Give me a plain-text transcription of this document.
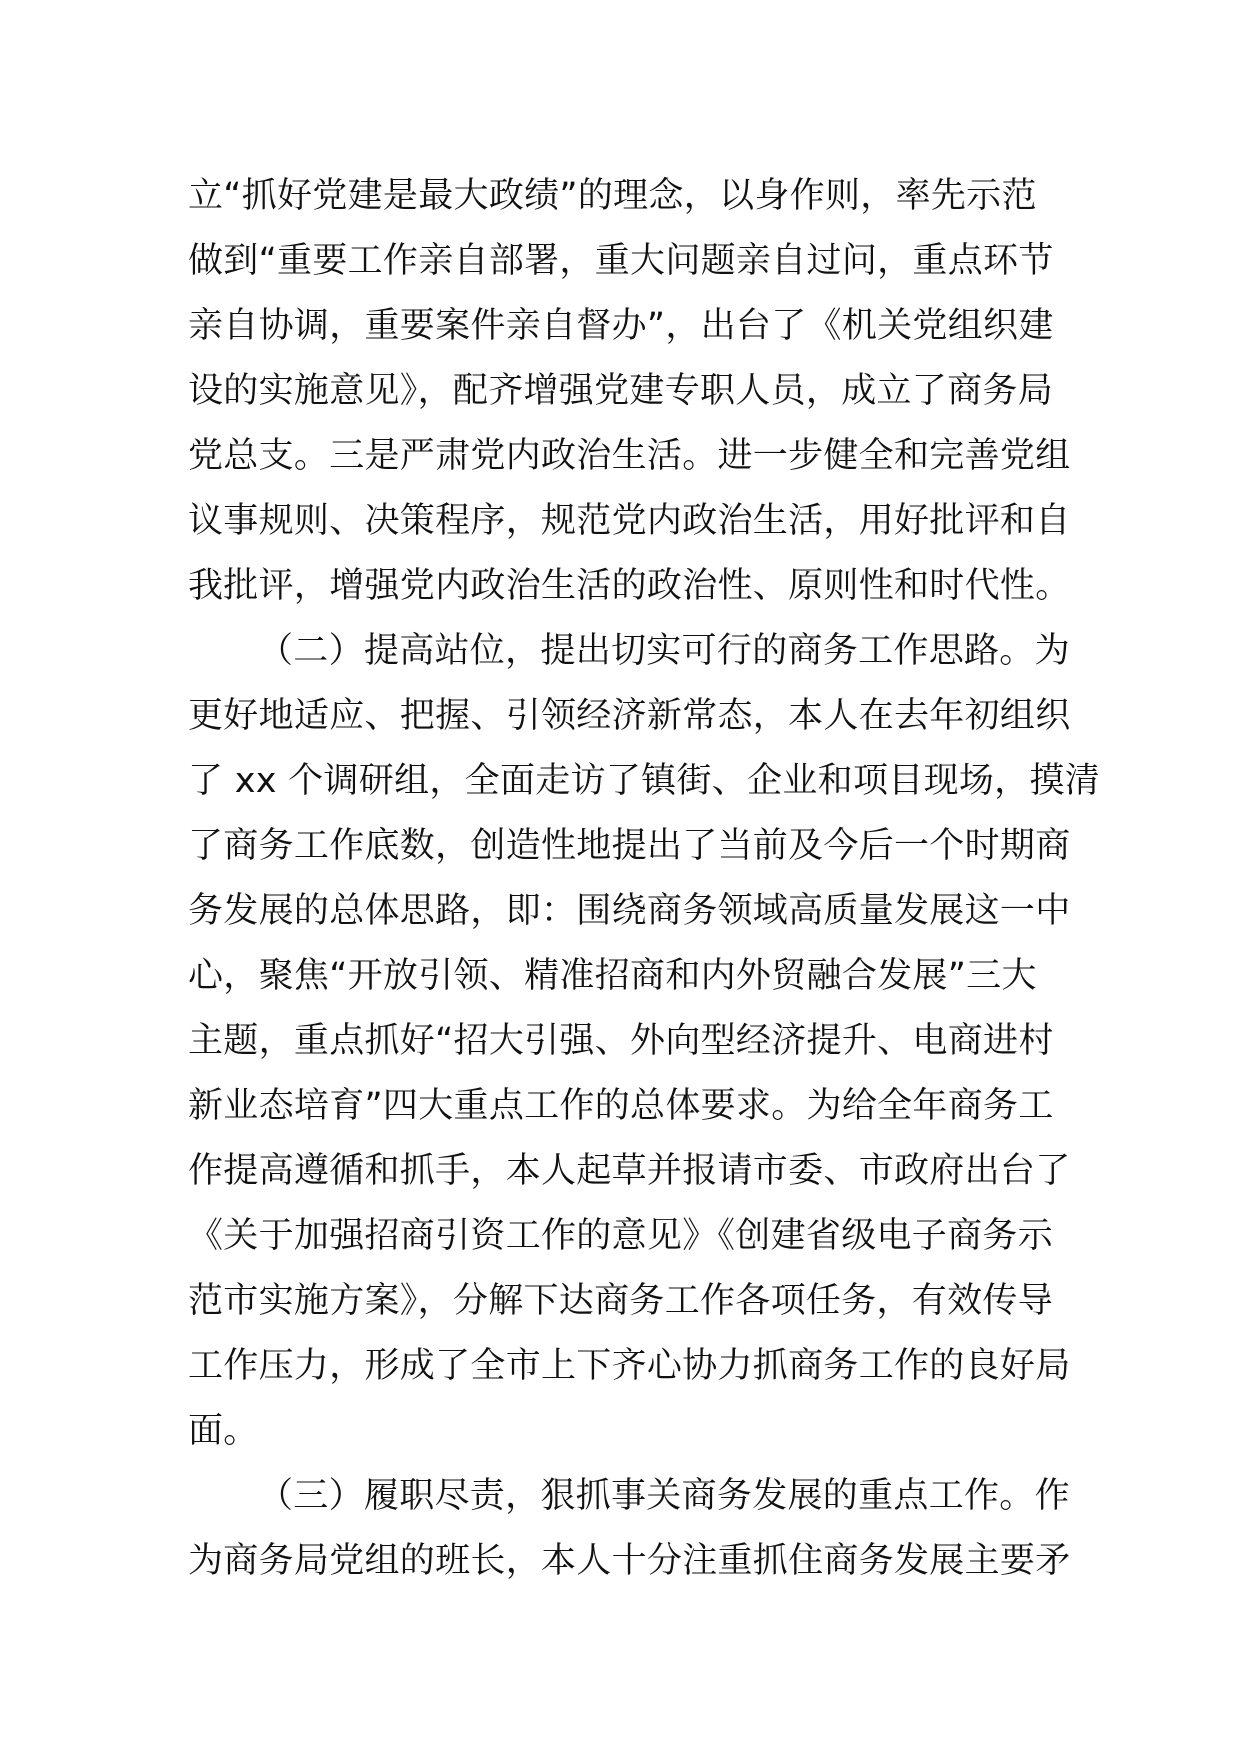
立“抓好党建是最大政绩”的理念，以身作则，率先示范
做到“重要工作亲自部署，重大问题亲自过问，重点环节
亲自协调，重要案件亲自督办”，出台了《机关党组织建
设的实施意见》，配齐增强党建专职人员，成立了商务局
党总支。三是严肃党内政治生活。进一步健全和完善党组
议事规则、决策程序，规范党内政治生活，用好批评和自
我批评，增强党内政治生活的政治性、原则性和时代性。
（二）提高站位，提出切实可行的商务工作思路。为
更好地适应、把握、引领经济新常态，本人在去年初组织
了 xx 个调研组，全面走访了镇街、企业和项目现场，摸清
了商务工作底数，创造性地提出了当前及今后一个时期商
务发展的总体思路，即：围绕商务领域高质量发展这一中
心，聚焦“开放引领、精准招商和内外贸融合发展”三大
主题，重点抓好“招大引强、外向型经济提升、电商进村
新业态培育”四大重点工作的总体要求。为给全年商务工
作提高遵循和抓手，本人起草并报请市委、市政府出台了
《关于加强招商引资工作的意见》《创建省级电子商务示
范市实施方案》，分解下达商务工作各项任务，有效传导
工作压力，形成了全市上下齐心协力抓商务工作的良好局
面。
（三）履职尽责，狠抓事关商务发展的重点工作。作
为商务局党组的班长，本人十分注重抓住商务发展主要矛
